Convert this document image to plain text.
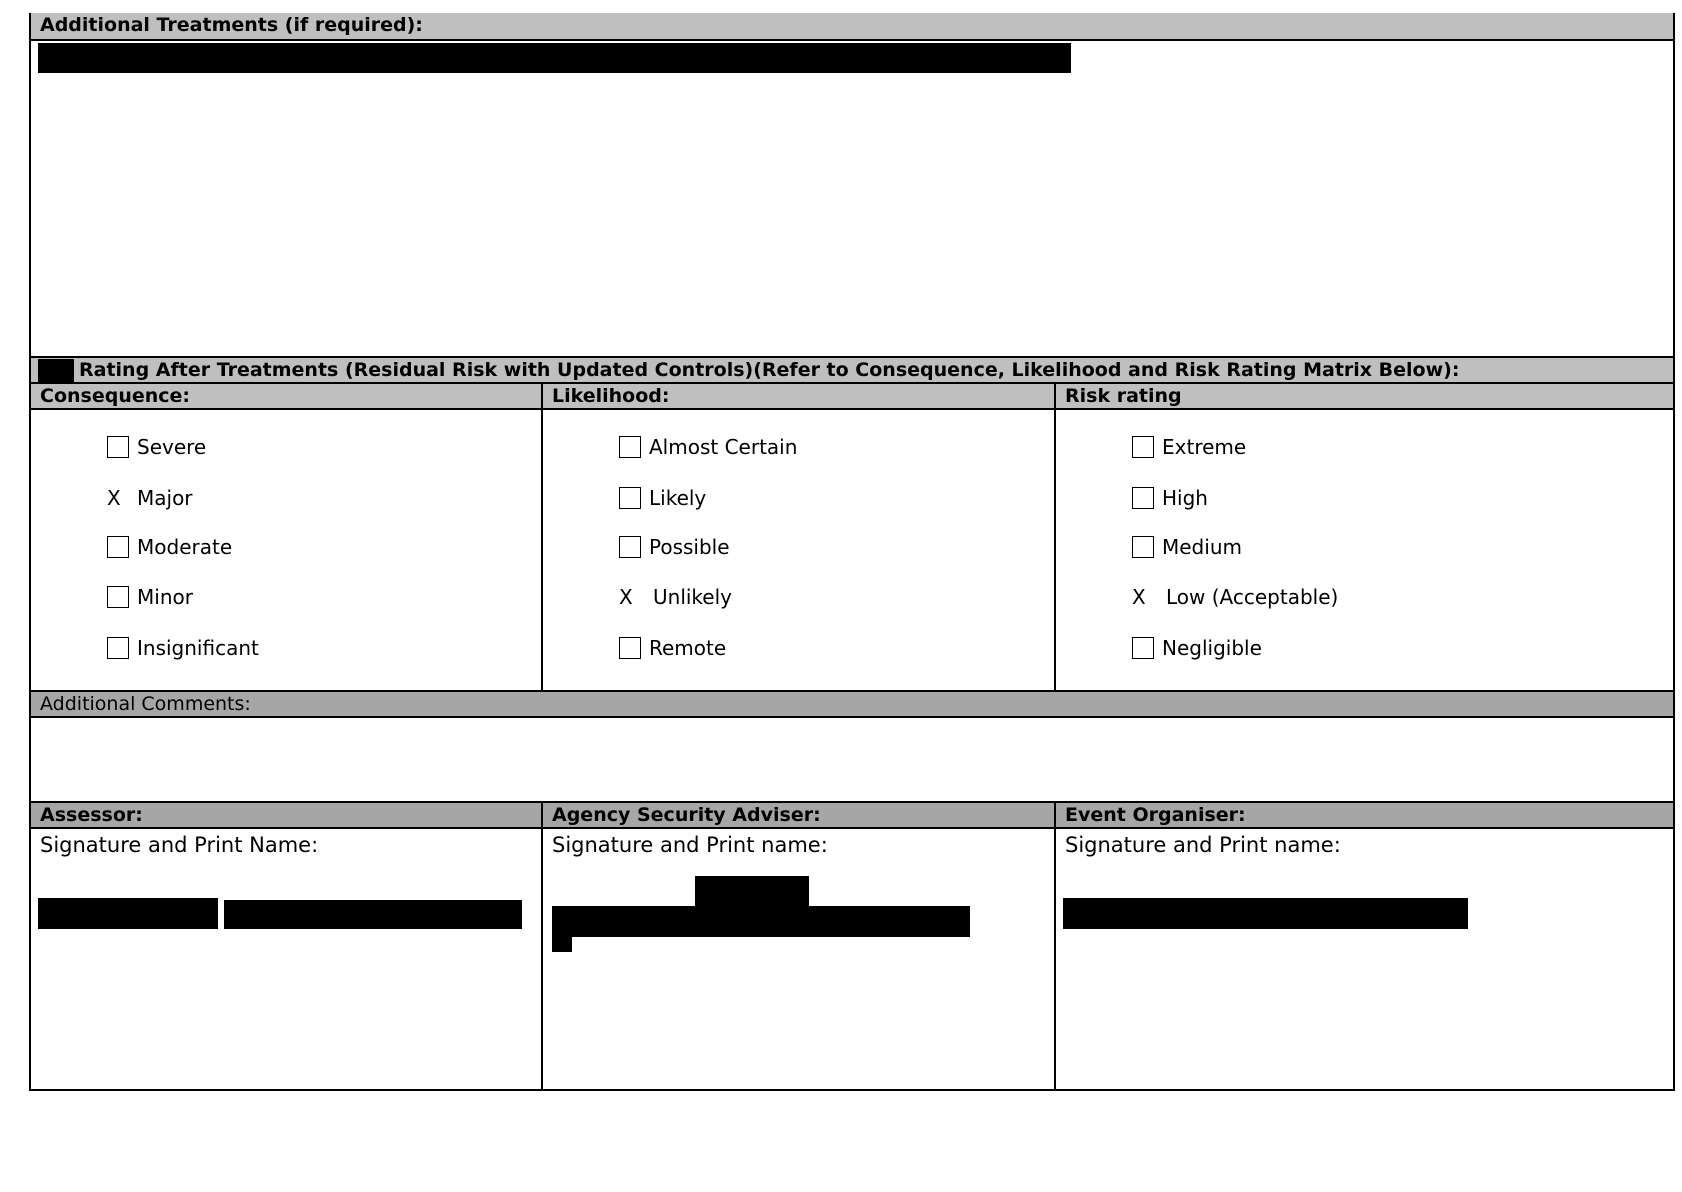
Additional Treatments (if required):
Rating After Treatments (Residual Risk with Updated Controls)(Refer to Consequence, Likelihood and Risk Rating Matrix Below):
Consequence:	Likelihood:	Risk rating
Severe
X Major
Moderate
Minor
Insignificant
Almost Certain
Likely
Possible
X	Unlikely
Remote
Extreme
High
Medium
X	Low (Acceptable)
Negligible
Additional Comments:
Assessor:	Agency Security Adviser:	Event Organiser:
Signature and Print Name:	Signature and Print name:	Signature and Print name:
